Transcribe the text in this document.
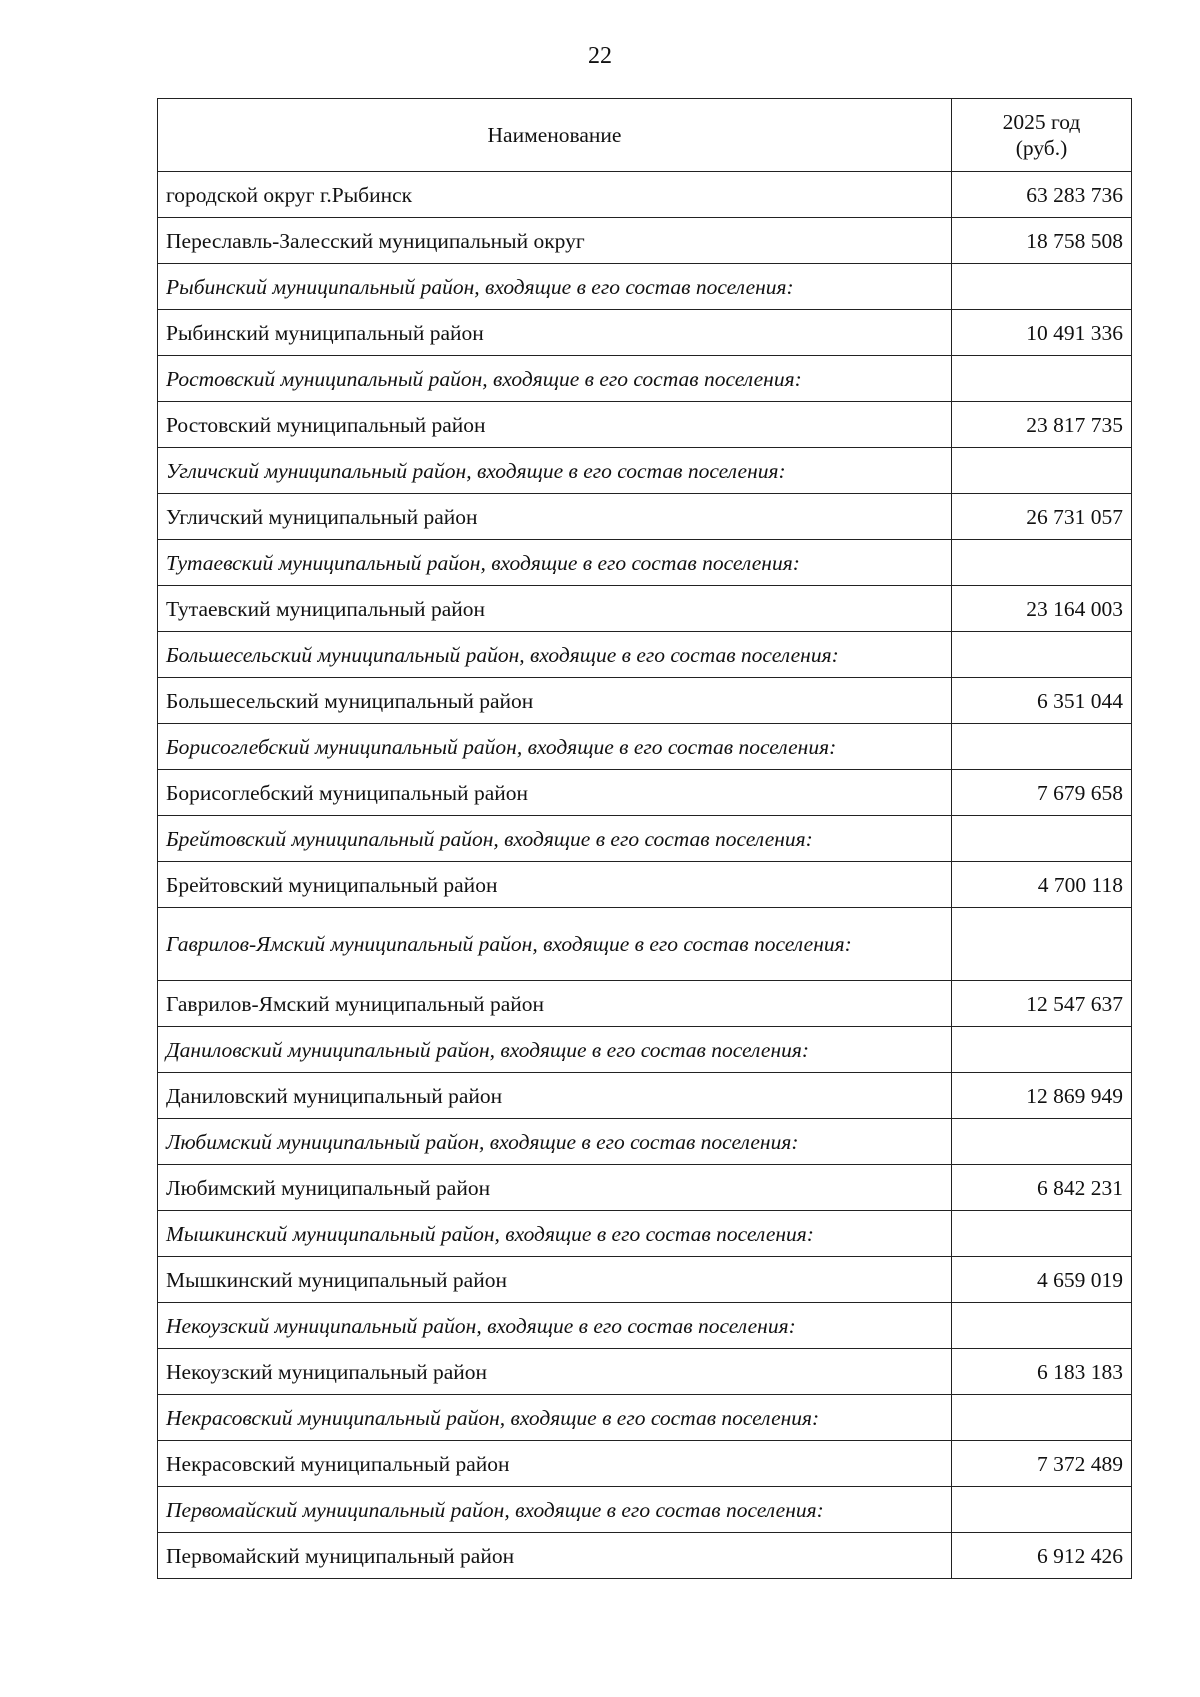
22
Наименование	2025 год
(руб.)
городской округ г.Рыбинск	63 283 736
Переславль-Залесский муниципальный округ	18 758 508
Рыбинский муниципальный район, входящие в его состав поселения:	
Рыбинский муниципальный район	10 491 336
Ростовский муниципальный район, входящие в его состав поселения:	
Ростовский муниципальный район	23 817 735
Угличский муниципальный район, входящие в его состав поселения:	
Угличский муниципальный район	26 731 057
Тутаевский муниципальный район, входящие в его состав поселения:	
Тутаевский муниципальный район	23 164 003
Большесельский муниципальный район, входящие в его состав поселения:	
Большесельский муниципальный район	6 351 044
Борисоглебский муниципальный район, входящие в его состав поселения:	
Борисоглебский муниципальный район	7 679 658
Брейтовский муниципальный район, входящие в его состав поселения:	
Брейтовский муниципальный район	4 700 118
Гаврилов-Ямский муниципальный район, входящие в его состав поселения:	
Гаврилов-Ямский муниципальный район	12 547 637
Даниловский муниципальный район, входящие в его состав поселения:	
Даниловский муниципальный район	12 869 949
Любимский муниципальный район, входящие в его состав поселения:	
Любимский муниципальный район	6 842 231
Мышкинский муниципальный район, входящие в его состав поселения:	
Мышкинский муниципальный район	4 659 019
Некоузский муниципальный район, входящие в его состав поселения:	
Некоузский муниципальный район	6 183 183
Некрасовский муниципальный район, входящие в его состав поселения:	
Некрасовский муниципальный район	7 372 489
Первомайский муниципальный район, входящие в его состав поселения:	
Первомайский муниципальный район	6 912 426
